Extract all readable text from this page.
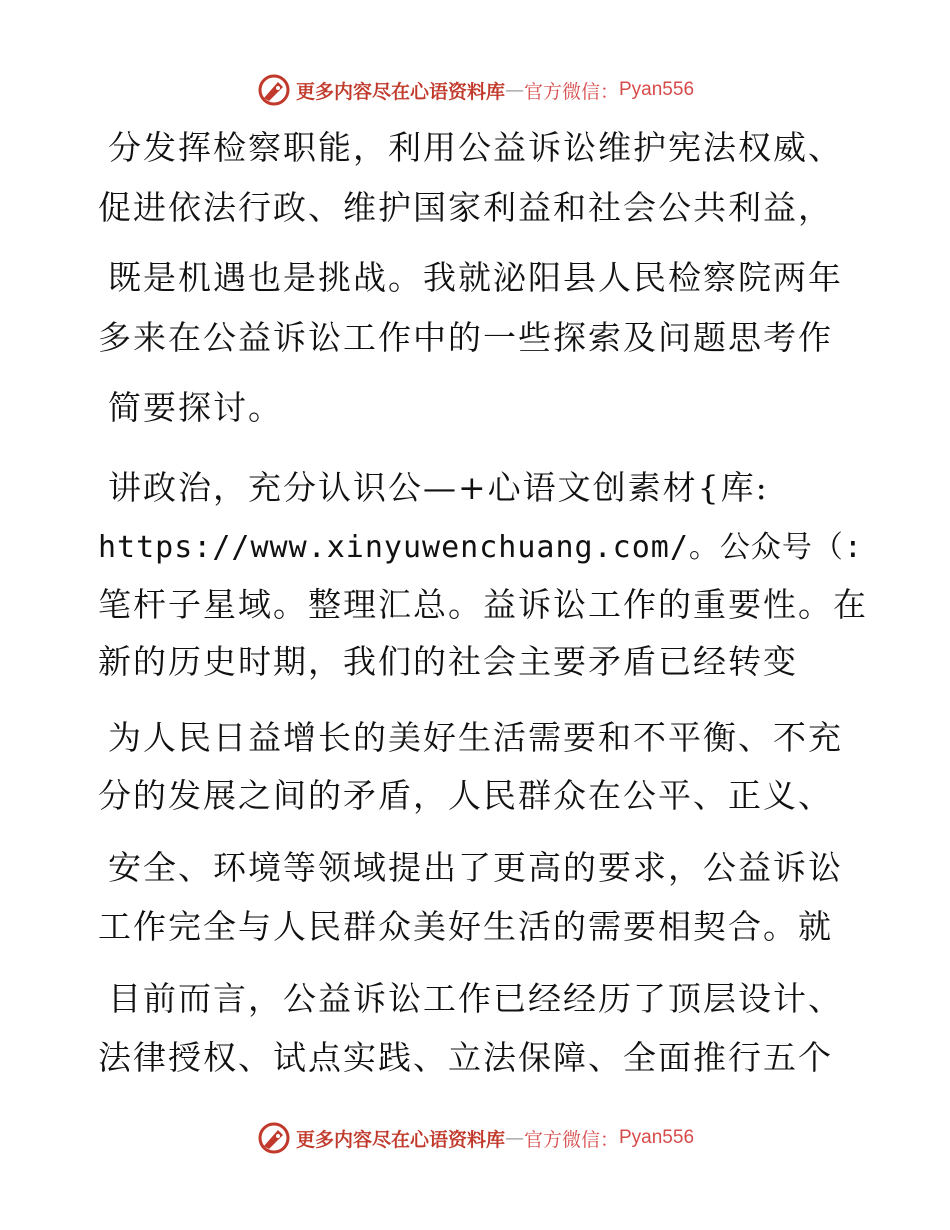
更多内容尽在心语资料库 — 官方微信： Pyan556
分发挥检察职能，利用公益诉讼维护宪法权威、
促进依法行政、维护国家利益和社会公共利益，
既是机遇也是挑战。我就泌阳县人民检察院两年
多来在公益诉讼工作中的一些探索及问题思考作
简要探讨。
讲政治，充分认识公—+心语文创素材{库:
https://www.xinyuwenchuang.com/。公众号（:
笔杆子星域。整理汇总。益诉讼工作的重要性。在
新的历史时期，我们的社会主要矛盾已经转变
为人民日益增长的美好生活需要和不平衡、不充
分的发展之间的矛盾，人民群众在公平、正义、
安全、环境等领域提出了更高的要求，公益诉讼
工作完全与人民群众美好生活的需要相契合。就
目前而言，公益诉讼工作已经经历了顶层设计、
法律授权、试点实践、立法保障、全面推行五个
更多内容尽在心语资料库 — 官方微信： Pyan556
